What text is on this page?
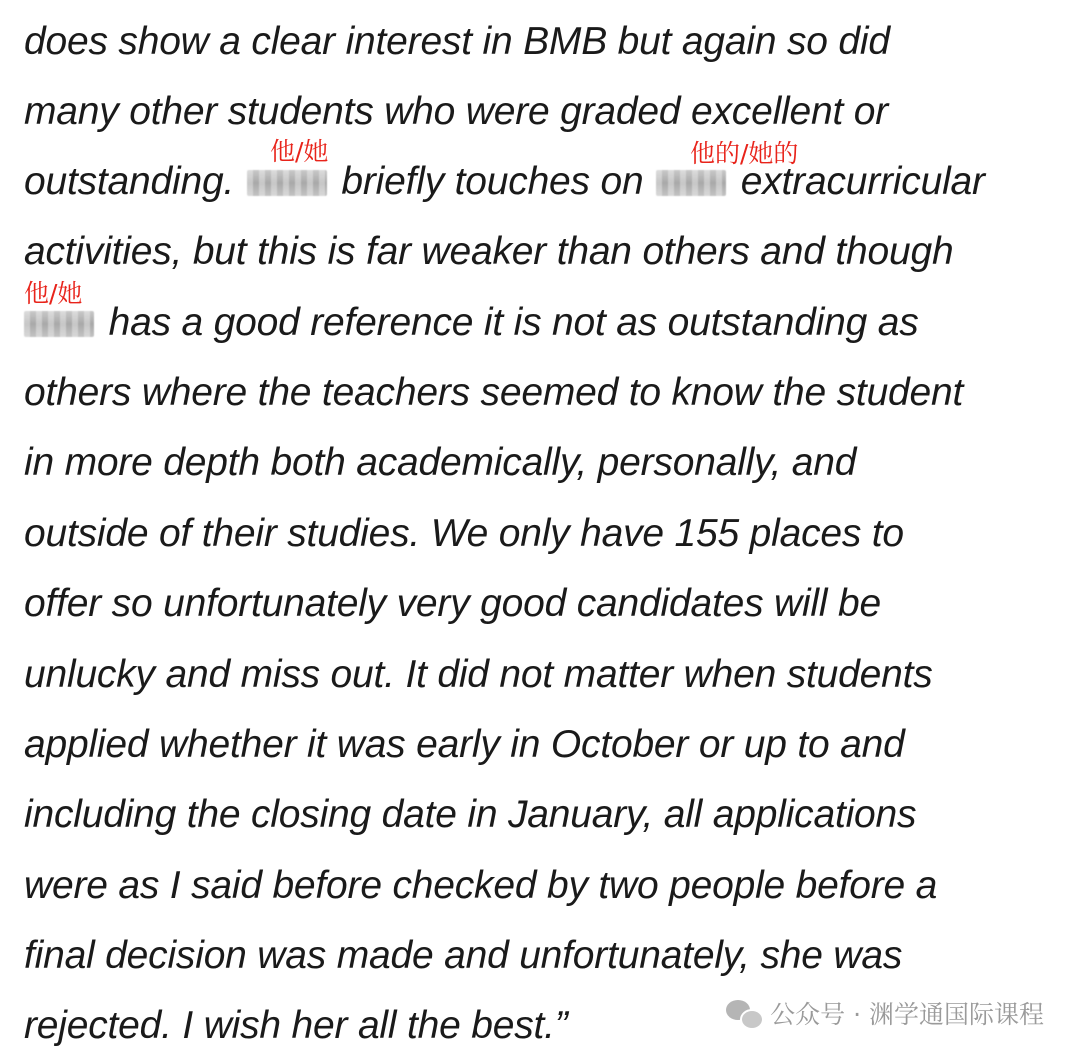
does show a clear interest in BMB but again so did
many other students who were graded excellent or
outstanding.  briefly touches on  extracurricular
activities, but this is far weaker than others and though
has a good reference it is not as outstanding as
others where the teachers seemed to know the student
in more depth both academically, personally, and
outside of their studies. We only have 155 places to
offer so unfortunately very good candidates will be
unlucky and miss out. It did not matter when students
applied whether it was early in October or up to and
including the closing date in January, all applications
were as I said before checked by two people before a
final decision was made and unfortunately, she was
rejected. I wish her all the best.”
他/她	他的/她的
他/她
公众号 · 渊学通国际课程
